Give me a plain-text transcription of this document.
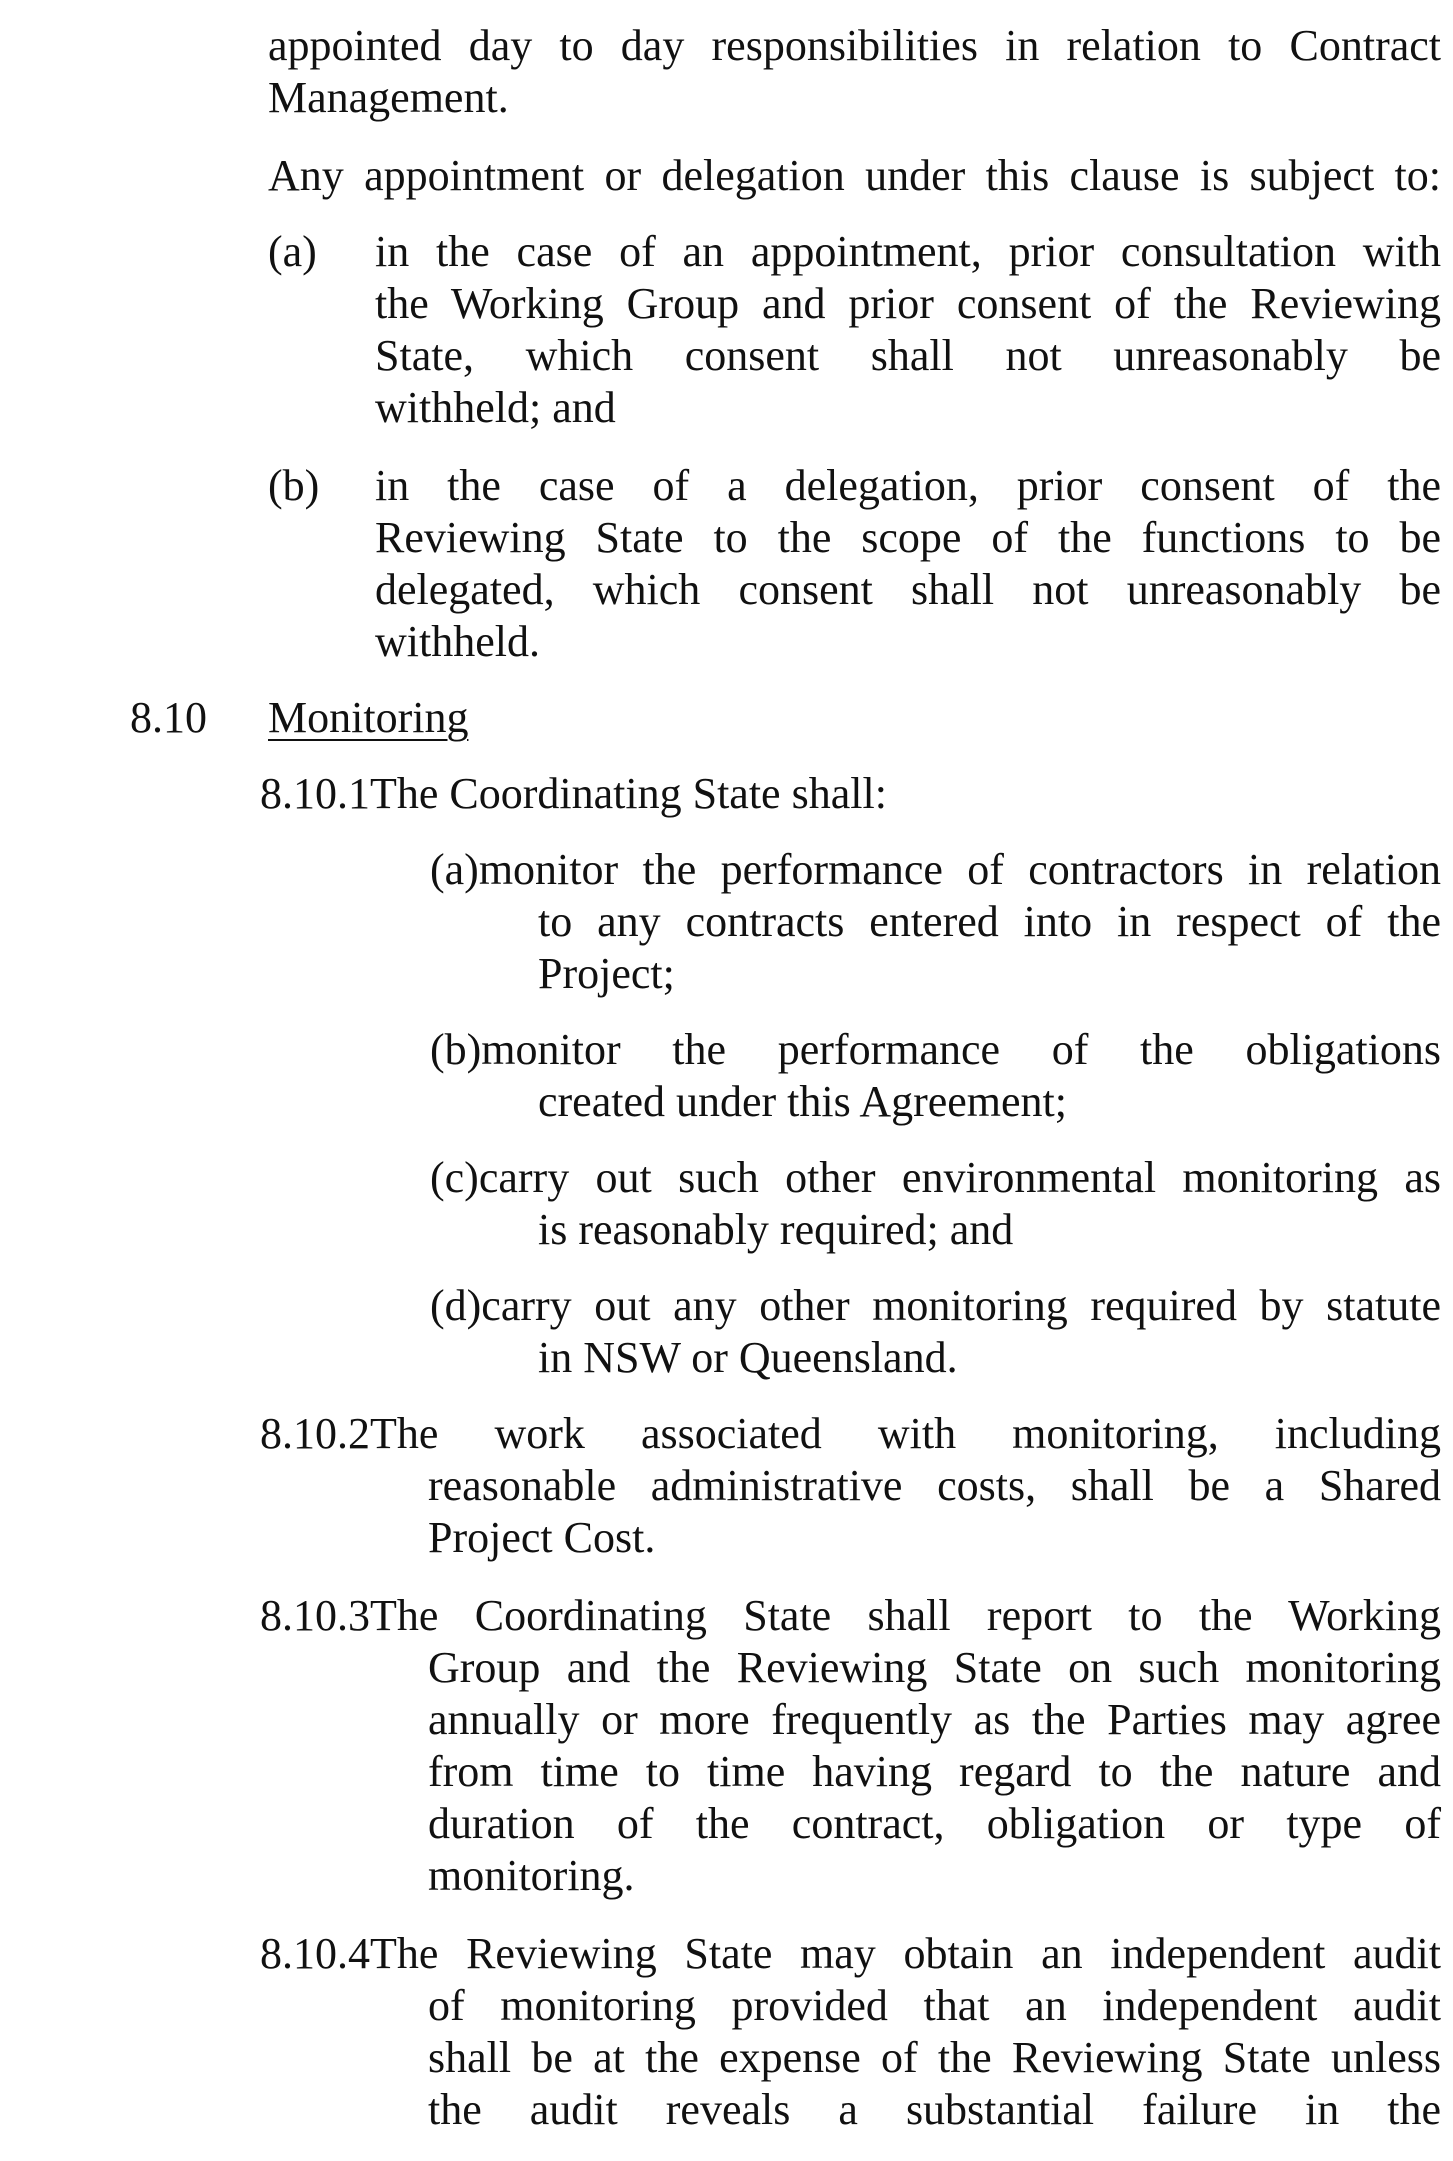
appointed day to day responsibilities in relation to Contract
Management.
Any appointment or delegation under this clause is subject to:
(a) in the case of an appointment, prior consultation with
the Working Group and prior consent of the Reviewing
State, which consent shall not unreasonably be
withheld; and
(b) in the case of a delegation, prior consent of the
Reviewing State to the scope of the functions to be
delegated, which consent shall not unreasonably be
withheld.
8.10 Monitoring
8.10.1The Coordinating State shall:
(a)monitor the performance of contractors in relation
to any contracts entered into in respect of the
Project;
(b)monitor the performance of the obligations
created under this Agreement;
(c)carry out such other environmental monitoring as
is reasonably required; and
(d)carry out any other monitoring required by statute
in NSW or Queensland.
8.10.2The work associated with monitoring, including
reasonable administrative costs, shall be a Shared
Project Cost.
8.10.3The Coordinating State shall report to the Working
Group and the Reviewing State on such monitoring
annually or more frequently as the Parties may agree
from time to time having regard to the nature and
duration of the contract, obligation or type of
monitoring.
8.10.4The Reviewing State may obtain an independent audit
of monitoring provided that an independent audit
shall be at the expense of the Reviewing State unless
the audit reveals a substantial failure in the
